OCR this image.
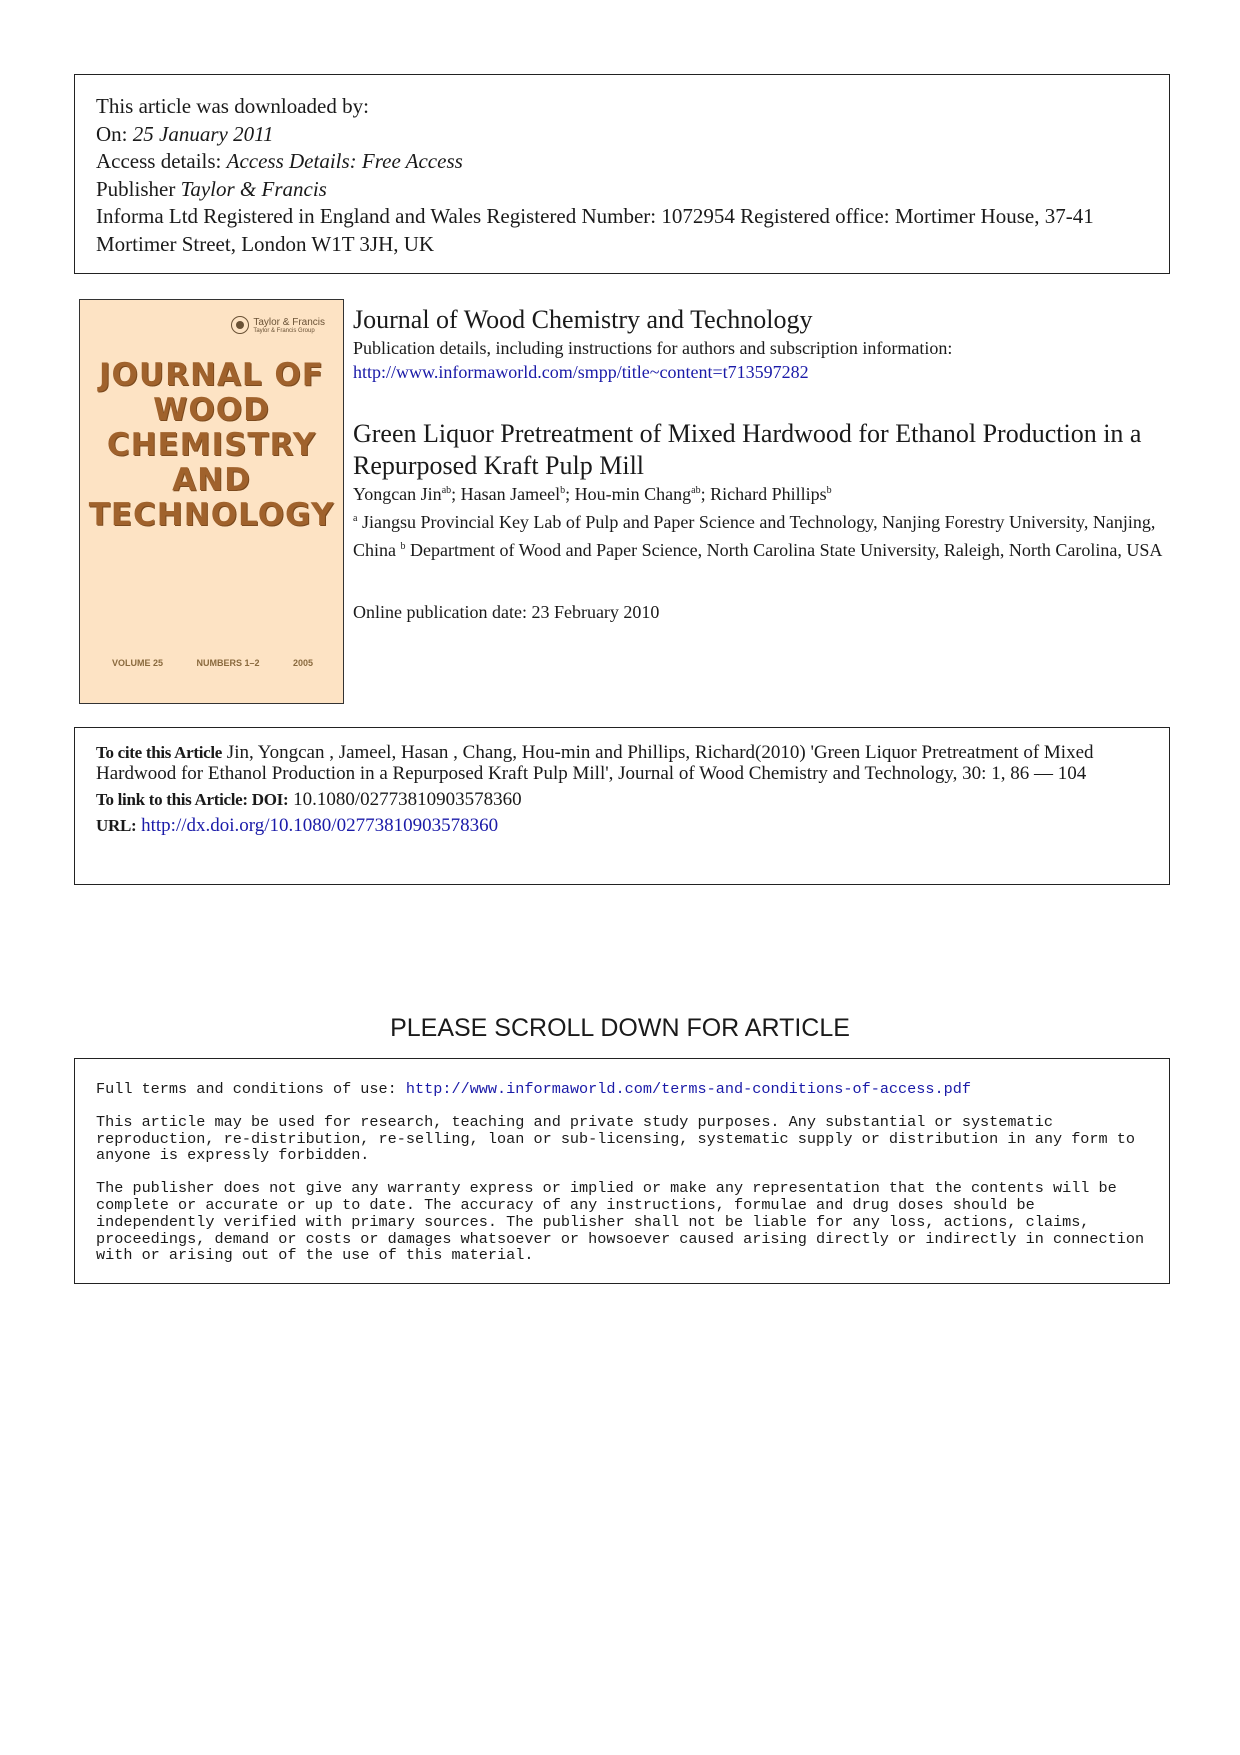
This article was downloaded by:
On: 25 January 2011
Access details: Access Details: Free Access
Publisher Taylor & Francis
Informa Ltd Registered in England and Wales Registered Number: 1072954 Registered office: Mortimer House, 37-41 Mortimer Street, London W1T 3JH, UK
Taylor & Francis
Taylor & Francis Group
JOURNAL OF
WOOD
CHEMISTRY
AND
TECHNOLOGY
VOLUME 25	NUMBERS 1–2	2005
Journal of Wood Chemistry and Technology
Publication details, including instructions for authors and subscription information:
http://www.informaworld.com/smpp/title~content=t713597282
Green Liquor Pretreatment of Mixed Hardwood for Ethanol Production in a Repurposed Kraft Pulp Mill
Yongcan Jin$^{ab}$; Hasan Jameel$^b$; Hou-min Chang$^{ab}$; Richard Phillips$^b$
$^a$ Jiangsu Provincial Key Lab of Pulp and Paper Science and Technology, Nanjing Forestry University, Nanjing, China $^b$ Department of Wood and Paper Science, North Carolina State University, Raleigh, North Carolina, USA
Online publication date: 23 February 2010
To cite this Article Jin, Yongcan , Jameel, Hasan , Chang, Hou-min and Phillips, Richard(2010) 'Green Liquor Pretreatment of Mixed Hardwood for Ethanol Production in a Repurposed Kraft Pulp Mill', Journal of Wood Chemistry and Technology, 30: 1, 86 — 104
To link to this Article: DOI: 10.1080/02773810903578360
URL: http://dx.doi.org/10.1080/02773810903578360
PLEASE SCROLL DOWN FOR ARTICLE

Full terms and conditions of use: http://www.informaworld.com/terms-and-conditions-of-access.pdf

This article may be used for research, teaching and private study purposes. Any substantial or systematic reproduction, re-distribution, re-selling, loan or sub-licensing, systematic supply or distribution in any form to anyone is expressly forbidden.

The publisher does not give any warranty express or implied or make any representation that the contents will be complete or accurate or up to date. The accuracy of any instructions, formulae and drug doses should be independently verified with primary sources. The publisher shall not be liable for any loss, actions, claims, proceedings, demand or costs or damages whatsoever or howsoever caused arising directly or indirectly in connection with or arising out of the use of this material.
